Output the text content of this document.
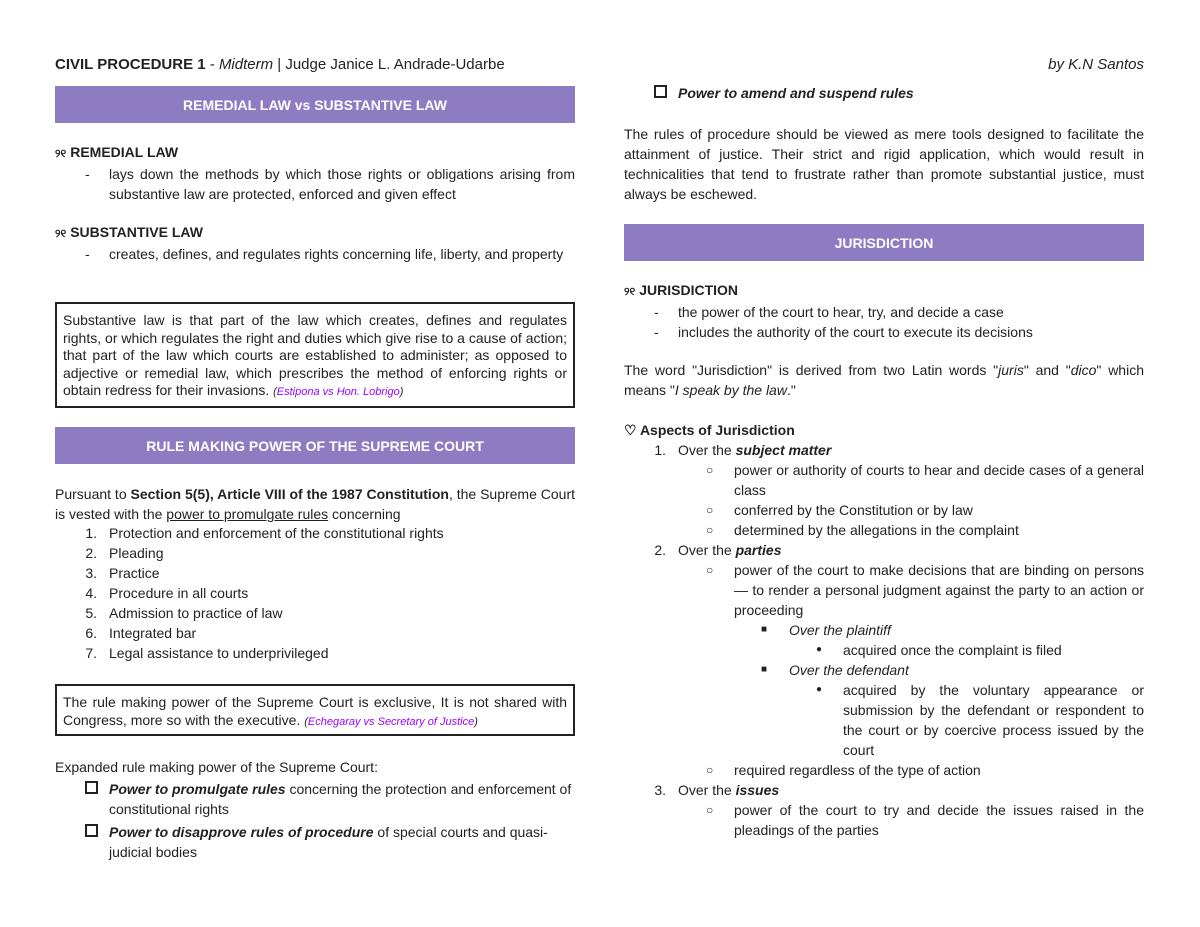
CIVIL PROCEDURE 1 - Midterm | Judge Janice L. Andrade-Udarbe	by K.N Santos
REMEDIAL LAW vs SUBSTANTIVE LAW
୨୧ REMEDIAL LAW
- lays down the methods by which those rights or obligations arising from substantive law are protected, enforced and given effect
୨୧ SUBSTANTIVE LAW
- creates, defines, and regulates rights concerning life, liberty, and property
Substantive law is that part of the law which creates, defines and regulates rights, or which regulates the right and duties which give rise to a cause of action; that part of the law which courts are established to administer; as opposed to adjective or remedial law, which prescribes the method of enforcing rights or obtain redress for their invasions. (Estipona vs Hon. Lobrigo)
RULE MAKING POWER OF THE SUPREME COURT
Pursuant to Section 5(5), Article VIII of the 1987 Constitution, the Supreme Court is vested with the power to promulgate rules concerning
1. Protection and enforcement of the constitutional rights
2. Pleading
3. Practice
4. Procedure in all courts
5. Admission to practice of law
6. Integrated bar
7. Legal assistance to underprivileged
The rule making power of the Supreme Court is exclusive, It is not shared with Congress, more so with the executive. (Echegaray vs Secretary of Justice)
Expanded rule making power of the Supreme Court:
Power to promulgate rules concerning the protection and enforcement of constitutional rights
Power to disapprove rules of procedure of special courts and quasi-judicial bodies
Power to amend and suspend rules
The rules of procedure should be viewed as mere tools designed to facilitate the attainment of justice. Their strict and rigid application, which would result in technicalities that tend to frustrate rather than promote substantial justice, must always be eschewed.
JURISDICTION
୨୧ JURISDICTION
- the power of the court to hear, try, and decide a case
- includes the authority of the court to execute its decisions
The word "Jurisdiction" is derived from two Latin words "juris" and "dico" which means "I speak by the law."
♡ Aspects of Jurisdiction
1. Over the subject matter
○ power or authority of courts to hear and decide cases of a general class
○ conferred by the Constitution or by law
○ determined by the allegations in the complaint
2. Over the parties
○ power of the court to make decisions that are binding on persons — to render a personal judgment against the party to an action or proceeding
■ Over the plaintiff
● acquired once the complaint is filed
■ Over the defendant
● acquired by the voluntary appearance or submission by the defendant or respondent to the court or by coercive process issued by the court
○ required regardless of the type of action
3. Over the issues
○ power of the court to try and decide the issues raised in the pleadings of the parties
